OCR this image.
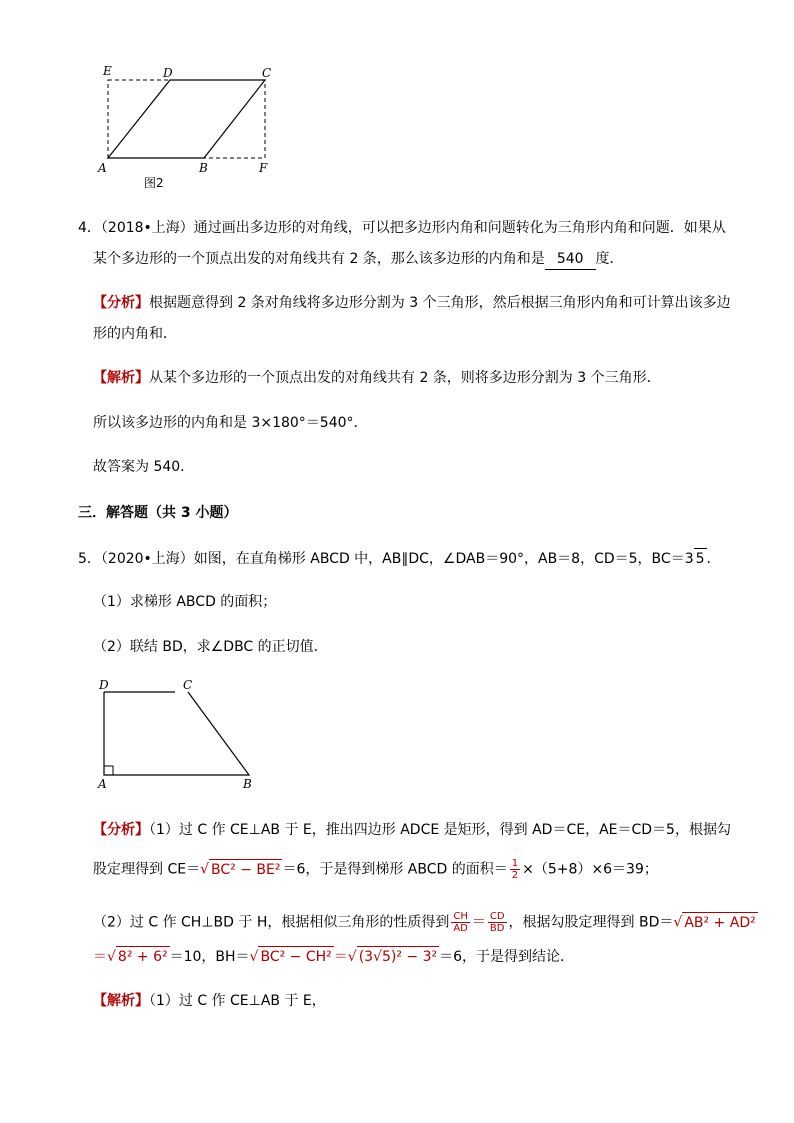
E	D	C
A	B	F
图2
4．（2018•上海）通过画出多边形的对角线，可以把多边形内角和问题转化为三角形内角和问题．如果从
某个多边形的一个顶点出发的对角线共有 2 条，那么该多边形的内角和是 540 度．
【分析】根据题意得到 2 条对角线将多边形分割为 3 个三角形，然后根据三角形内角和可计算出该多边
形的内角和．
【解析】从某个多边形的一个顶点出发的对角线共有 2 条，则将多边形分割为 3 个三角形．
所以该多边形的内角和是 3×180°＝540°．
故答案为 540．
三．解答题（共 3 小题）
5．（2020•上海）如图，在直角梯形 ABCD 中，AB∥DC，∠DAB＝90°，AB＝8，CD＝5，BC＝3 5 ．
（1）求梯形 ABCD 的面积；
（2）联结 BD，求∠DBC 的正切值．
D	C
A	B
【分析】（1）过 C 作 CE⊥AB 于 E，推出四边形 ADCE 是矩形，得到 AD＝CE，AE＝CD＝5，根据勾
股定理得到 CE＝√ BC² − BE² ＝6，于是得到梯形 ABCD 的面积＝ $\frac{1}{2} \times(5+8)\times 6=39$；
（2）过 C 作 CH⊥BD 于 H，根据相似三角形的性质得到 $\frac{CH}{AD} = \frac{CD}{BD}$ ，根据勾股定理得到 BD＝√ AB² + AD²
＝√ 8² + 6² ＝10，BH＝√ BC² − CH² ＝√ (3√5)² − 3² ＝6，于是得到结论．
【解析】（1）过 C 作 CE⊥AB 于 E，
